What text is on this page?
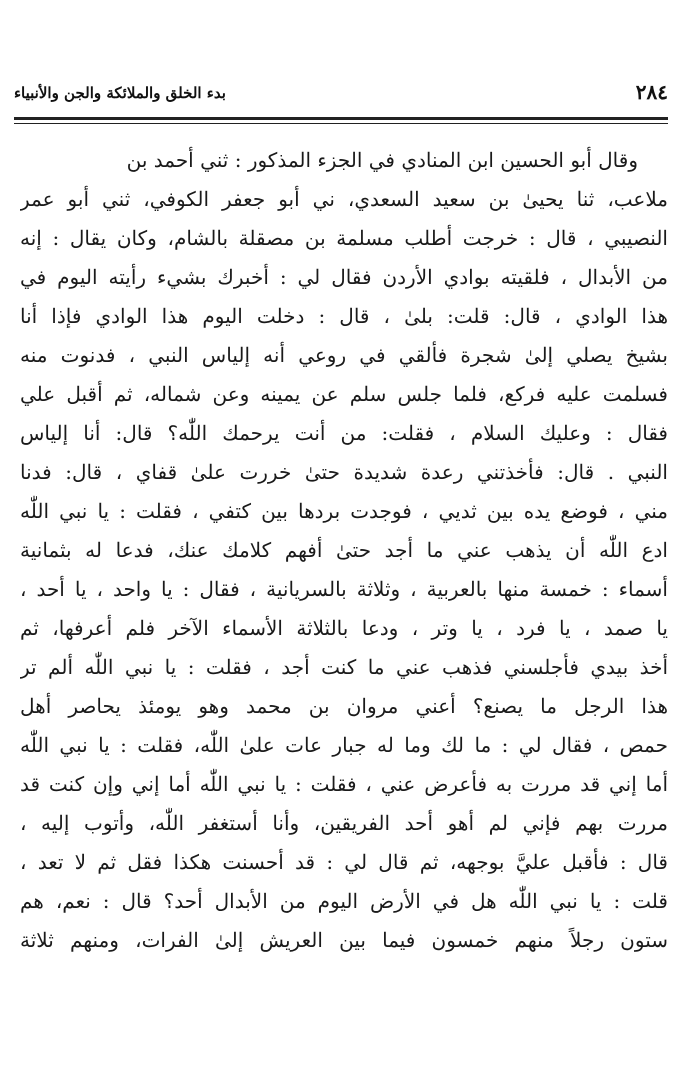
٢٨٤
بدء الخلق والملائكة والجن والأنبياء
وقال أبو الحسين ابن المنادي في الجزء المذكور : ثني أحمد بن
ملاعب، ثنا يحيىٰ بن سعيد السعدي، ني أبو جعفر الكوفي، ثني أبو عمر
النصيبي ، قال : خرجت أطلب مسلمة بن مصقلة بالشام، وكان يقال : إنه
من الأبدال ، فلقيته بوادي الأردن فقال لي : أخبرك بشيء رأيته اليوم في
هذا الوادي ، قال: قلت: بلىٰ ، قال : دخلت اليوم هذا الوادي فإذا أنا
بشيخ يصلي إلىٰ شجرة فألقي في روعي أنه إلياس النبي ، فدنوت منه
فسلمت عليه فركع، فلما جلس سلم عن يمينه وعن شماله، ثم أقبل علي
فقال : وعليك السلام ، فقلت: من أنت يرحمك اللّٰه؟ قال: أنا إلياس
النبي . قال: فأخذتني رعدة شديدة حتىٰ خررت علىٰ قفاي ، قال: فدنا
مني ، فوضع يده بين ثديي ، فوجدت بردها بين كتفي ، فقلت : يا نبي اللّٰه
ادع اللّٰه أن يذهب عني ما أجد حتىٰ أفهم كلامك عنك، فدعا له بثمانية
أسماء : خمسة منها بالعربية ، وثلاثة بالسريانية ، فقال : يا واحد ، يا أحد ،
يا صمد ، يا فرد ، يا وتر ، ودعا بالثلاثة الأسماء الآخر فلم أعرفها، ثم
أخذ بيدي فأجلسني فذهب عني ما كنت أجد ، فقلت : يا نبي اللّٰه ألم تر
هذا الرجل ما يصنع؟ أعني مروان بن محمد وهو يومئذ يحاصر أهل
حمص ، فقال لي : ما لك وما له جبار عات علىٰ اللّٰه، فقلت : يا نبي اللّٰه
أما إني قد مررت به فأعرض عني ، فقلت : يا نبي اللّٰه أما إني وإن كنت قد
مررت بهم فإني لم أهو أحد الفريقين، وأنا أستغفر اللّٰه، وأتوب إليه ،
قال : فأقبل عليَّ بوجهه، ثم قال لي : قد أحسنت هكذا فقل ثم لا تعد ،
قلت : يا نبي اللّٰه هل في الأرض اليوم من الأبدال أحد؟ قال : نعم، هم
ستون رجلاً منهم خمسون فيما بين العريش إلىٰ الفرات، ومنهم ثلاثة
